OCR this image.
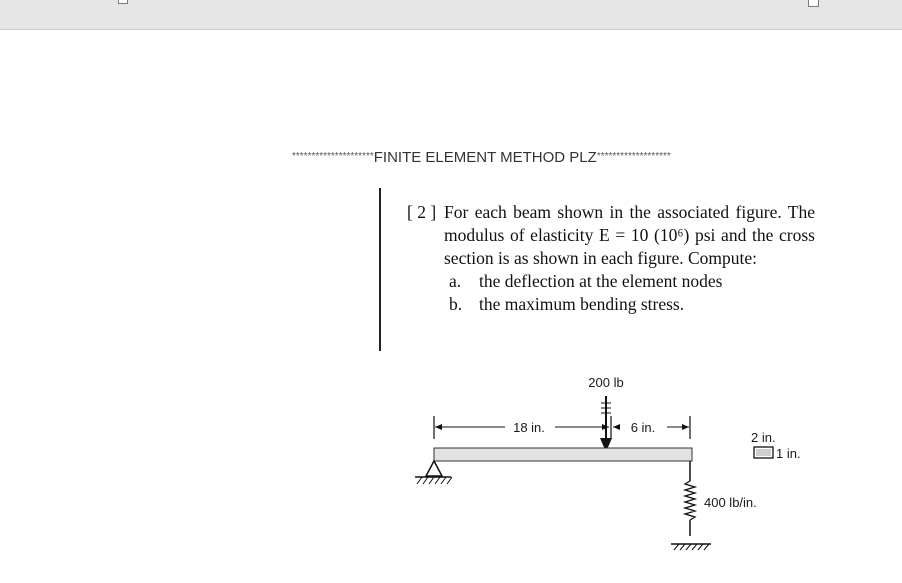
*********************FINITE ELEMENT METHOD PLZ*******************
[ 2 ] For each beam shown in the associated figure. The modulus of elasticity E = 10 (10⁶) psi and the cross section is as shown in each figure. Compute:
a. the deflection at the element nodes
b. the maximum bending stress.
200 lb
18 in.	6 in.
400 lb/in.
2 in.
1 in.
